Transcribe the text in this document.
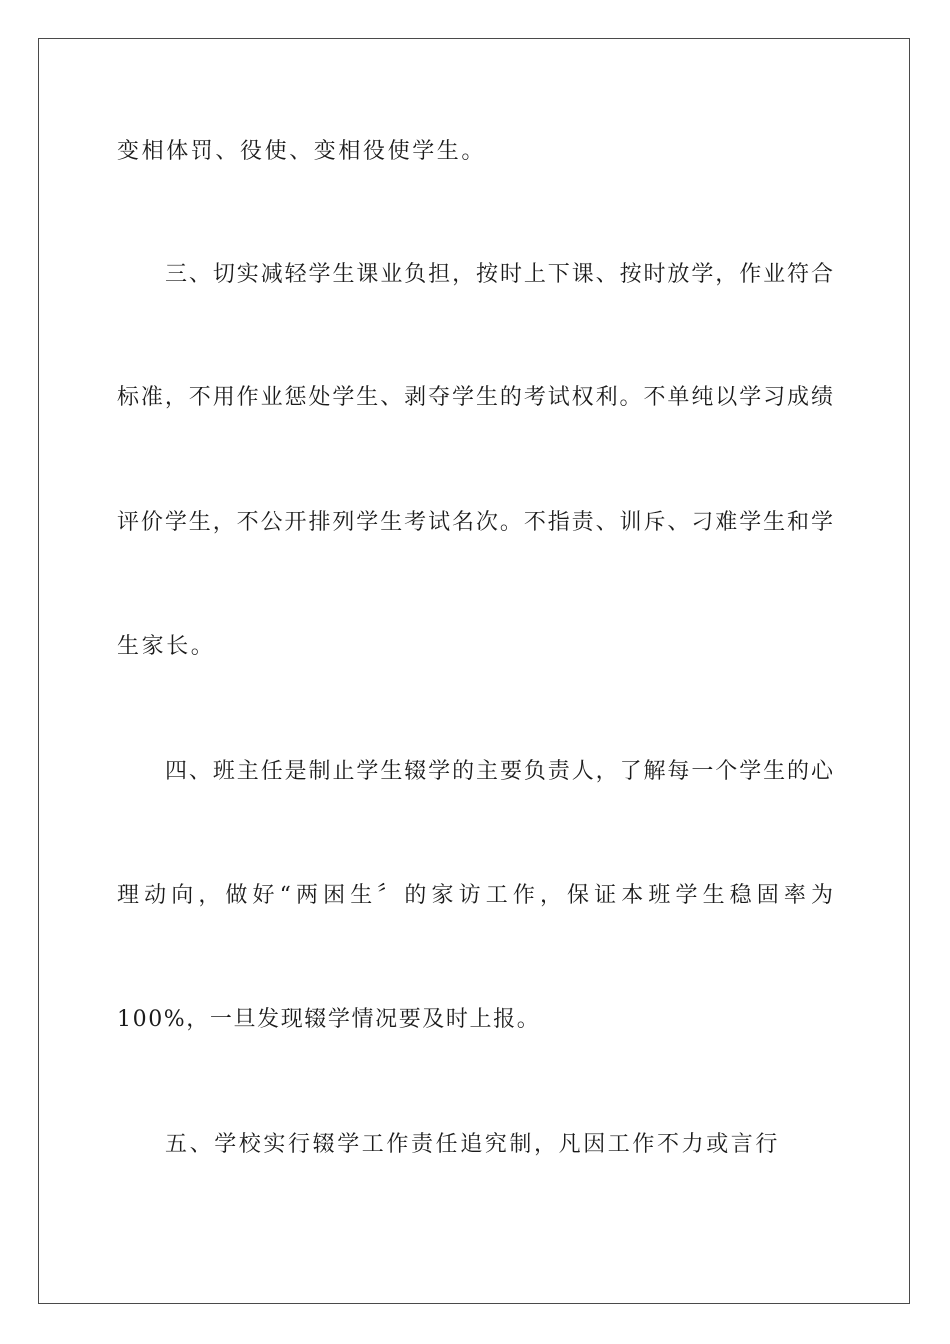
变相体罚、役使、变相役使学生。
三、切实减轻学生课业负担，按时上下课、按时放学，作业符合
标准，不用作业惩处学生、剥夺学生的考试权利。不单纯以学习成绩
评价学生，不公开排列学生考试名次。不指责、训斥、刁难学生和学
生家长。
四、班主任是制止学生辍学的主要负责人，了解每一个学生的心
理动向，做好“两困生〞的家访工作，保证本班学生稳固率为
100%，一旦发现辍学情况要及时上报。
五、学校实行辍学工作责任追究制，凡因工作不力或言行
